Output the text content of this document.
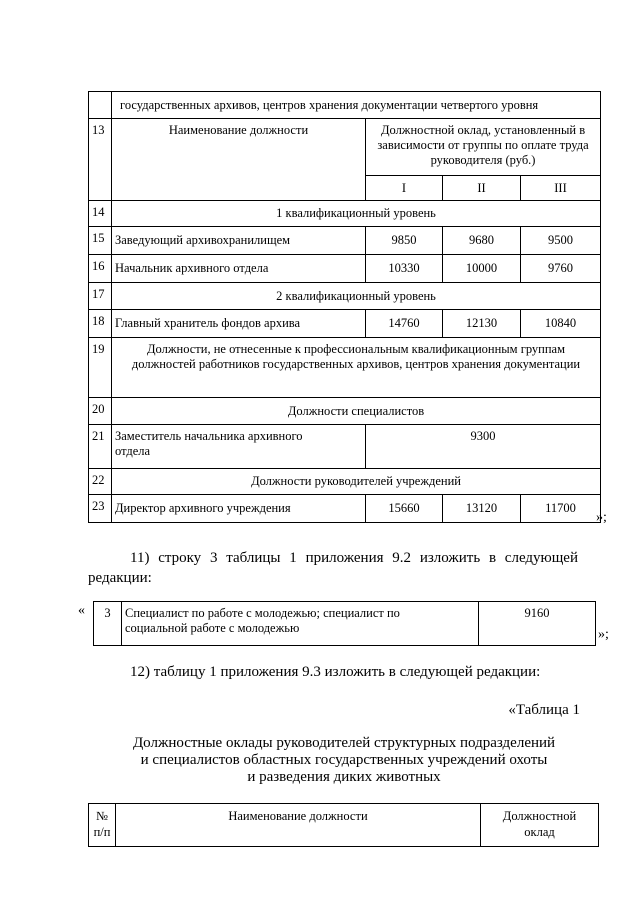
	государственных архивов, центров хранения документации четвертого уровня			
13	Наименование должности	Должностной оклад, установленный в зависимости от группы по оплате труда руководителя (руб.)		
		I	II	III
14	1 квалификационный уровень			
15	Заведующий архивохранилищем	9850	9680	9500
16	Начальник архивного отдела	10330	10000	9760
17	2 квалификационный уровень			
18	Главный хранитель фондов архива	14760	12130	10840
19	Должности, не отнесенные к профессиональным квалификационным группам должностей работников государственных архивов, центров хранения документации			
20	Должности специалистов			
21	Заместитель начальника архивного отдела	9300		
22	Должности руководителей учреждений			
23	Директор архивного учреждения	15660	13120	11700
»;
11) строку 3 таблицы 1 приложения 9.2 изложить в следующей редакции:
« 3	Специалист по работе с молодежью; специалист по социальной работе с молодежью	9160
»;
12) таблицу 1 приложения 9.3 изложить в следующей редакции:
«Таблица 1
Должностные оклады руководителей структурных подразделений
и специалистов областных государственных учреждений охоты
и разведения диких животных
№ п/п	Наименование должности	Должностной оклад
